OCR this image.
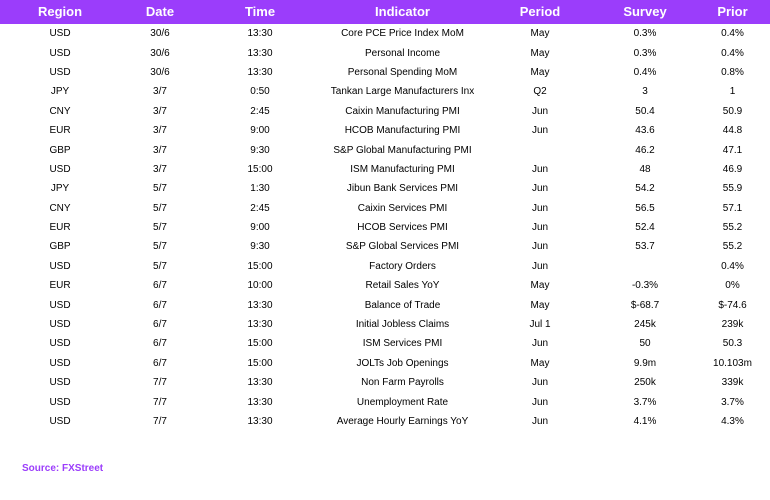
Region	Date	Time	Indicator	Period	Survey	Prior
USD	30/6	13:30	Core PCE Price Index MoM	May	0.3%	0.4%
USD	30/6	13:30	Personal Income	May	0.3%	0.4%
USD	30/6	13:30	Personal Spending MoM	May	0.4%	0.8%
JPY	3/7	0:50	Tankan Large Manufacturers Inx	Q2	3	1
CNY	3/7	2:45	Caixin Manufacturing PMI	Jun	50.4	50.9
EUR	3/7	9:00	HCOB Manufacturing PMI	Jun	43.6	44.8
GBP	3/7	9:30	S&P Global Manufacturing PMI		46.2	47.1
USD	3/7	15:00	ISM Manufacturing PMI	Jun	48	46.9
JPY	5/7	1:30	Jibun Bank Services PMI	Jun	54.2	55.9
CNY	5/7	2:45	Caixin Services PMI	Jun	56.5	57.1
EUR	5/7	9:00	HCOB Services PMI	Jun	52.4	55.2
GBP	5/7	9:30	S&P Global Services PMI	Jun	53.7	55.2
USD	5/7	15:00	Factory Orders	Jun		0.4%
EUR	6/7	10:00	Retail Sales YoY	May	-0.3%	0%
USD	6/7	13:30	Balance of Trade	May	$-68.7	$-74.6
USD	6/7	13:30	Initial Jobless Claims	Jul 1	245k	239k
USD	6/7	15:00	ISM Services PMI	Jun	50	50.3
USD	6/7	15:00	JOLTs Job Openings	May	9.9m	10.103m
USD	7/7	13:30	Non Farm Payrolls	Jun	250k	339k
USD	7/7	13:30	Unemployment Rate	Jun	3.7%	3.7%
USD	7/7	13:30	Average Hourly Earnings YoY	Jun	4.1%	4.3%
Source: FXStreet
